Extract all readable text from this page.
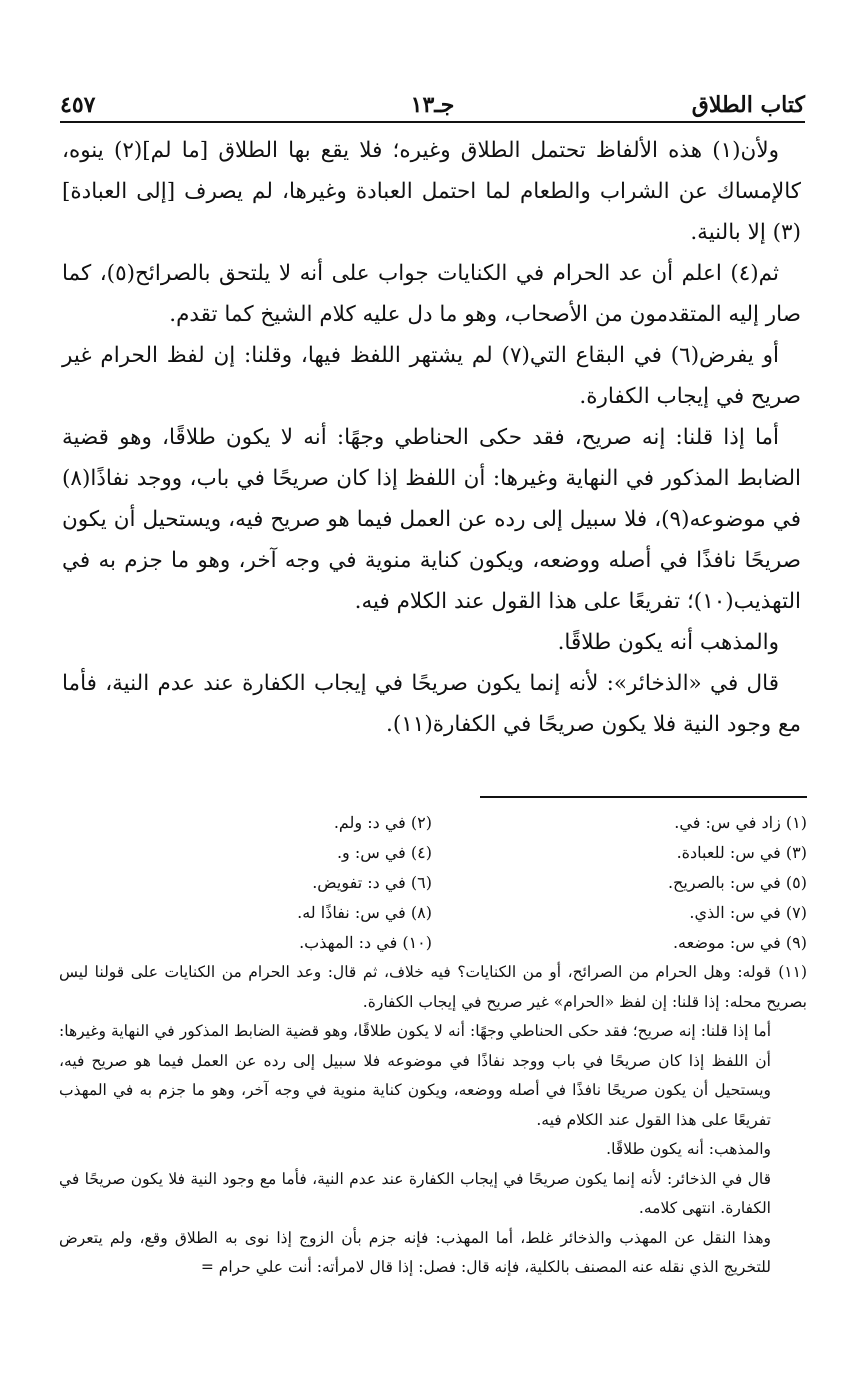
كتاب الطلاق
جـ١٣
٤٥٧

ولأن(١) هذه الألفاظ تحتمل الطلاق وغيره؛ فلا يقع بها الطلاق [ما لم](٢) ينوه، كالإمساك عن الشراب والطعام لما احتمل العبادة وغيرها، لم يصرف [إلى العبادة](٣) إلا بالنية.

ثم(٤) اعلم أن عد الحرام في الكنايات جواب على أنه لا يلتحق بالصرائح(٥)، كما صار إليه المتقدمون من الأصحاب، وهو ما دل عليه كلام الشيخ كما تقدم.

أو يفرض(٦) في البقاع التي(٧) لم يشتهر اللفظ فيها، وقلنا: إن لفظ الحرام غير صريح في إيجاب الكفارة.

أما إذا قلنا: إنه صريح، فقد حكى الحناطي وجهًا: أنه لا يكون طلاقًا، وهو قضية الضابط المذكور في النهاية وغيرها: أن اللفظ إذا كان صريحًا في باب، ووجد نفاذًا(٨) في موضوعه(٩)، فلا سبيل إلى رده عن العمل فيما هو صريح فيه، ويستحيل أن يكون صريحًا نافذًا في أصله ووضعه، ويكون كناية منوية في وجه آخر، وهو ما جزم به في التهذيب(١٠)؛ تفريعًا على هذا القول عند الكلام فيه.

والمذهب أنه يكون طلاقًا.

قال في «الذخائر»: لأنه إنما يكون صريحًا في إيجاب الكفارة عند عدم النية، فأما مع وجود النية فلا يكون صريحًا في الكفارة(١١).

(١) زاد في س: في.
(٢) في د: ولم.
(٣) في س: للعبادة.
(٤) في س: و.
(٥) في س: بالصريح.
(٦) في د: تفويض.
(٧) في س: الذي.
(٨) في س: نفاذًا له.
(٩) في س: موضعه.
(١٠) في د: المهذب.

(١١)قوله: وهل الحرام من الصرائح، أو من الكنايات؟ فيه خلاف، ثم قال: وعد الحرام من الكنايات على قولنا ليس بصريح محله: إذا قلنا: إن لفظ «الحرام» غير صريح في إيجاب الكفارة.

أما إذا قلنا: إنه صريح؛ فقد حكى الحناطي وجهًا: أنه لا يكون طلاقًا، وهو قضية الضابط المذكور في النهاية وغيرها: أن اللفظ إذا كان صريحًا في باب ووجد نفاذًا في موضوعه فلا سبيل إلى رده عن العمل فيما هو صريح فيه، ويستحيل أن يكون صريحًا نافذًا في أصله ووضعه، ويكون كناية منوية في وجه آخر، وهو ما جزم به في المهذب تفريعًا على هذا القول عند الكلام فيه.

والمذهب: أنه يكون طلاقًا.

قال في الذخائر: لأنه إنما يكون صريحًا في إيجاب الكفارة عند عدم النية، فأما مع وجود النية فلا يكون صريحًا في الكفارة. انتهى كلامه.

وهذا النقل عن المهذب والذخائر غلط، أما المهذب: فإنه جزم بأن الزوج إذا نوى به الطلاق وقع، ولم يتعرض للتخريج الذي نقله عنه المصنف بالكلية، فإنه قال: فصل: إذا قال لامرأته: أنت علي حرام =
